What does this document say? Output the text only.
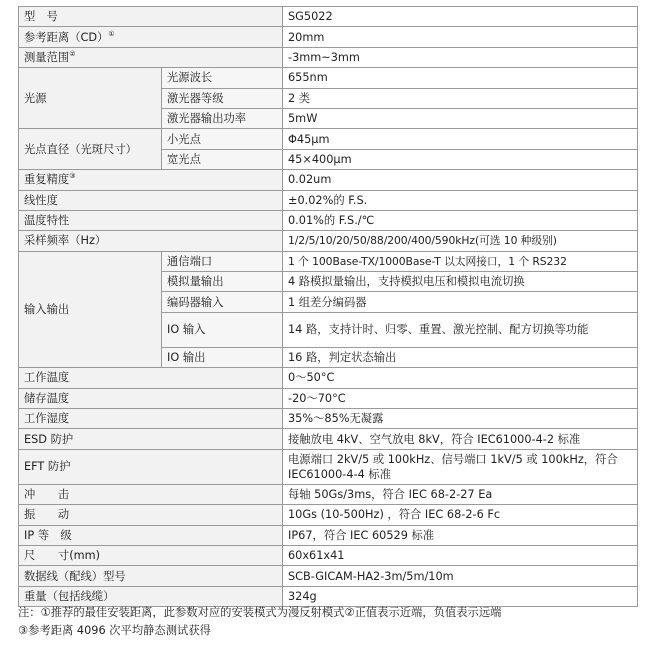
型　号		SG5022
参考距离（CD）①		20mm
测量范围②		-3mm~3mm
光源	光源波长	655nm
	激光器等级	2 类
	激光器输出功率	5mW
光点直径（光斑尺寸）	小光点	Φ45μm
	宽光点	45×400μm
重复精度③		0.02um
线性度		±0.02%的 F.S.
温度特性		0.01%的 F.S./℃
采样频率（Hz）		1/2/5/10/20/50/88/200/400/590kHz(可选 10 种级别)
输入输出	通信端口	1 个 100Base-TX/1000Base-T 以太网接口，1 个 RS232
	模拟量输出	4 路模拟量输出，支持模拟电压和模拟电流切换
	编码器输入	1 组差分编码器
	IO 输入	14 路，支持计时、归零、重置、激光控制、配方切换等功能
	IO 输出	16 路，判定状态输出
工作温度		0～50°C
储存温度		-20～70°C
工作湿度		35%～85%无凝露
ESD 防护		接触放电 4kV、空气放电 8kV，符合 IEC61000-4-2 标准
EFT 防护		电源端口 2kV/5 或 100kHz、信号端口 1kV/5 或 100kHz，符合 IEC61000-4-4 标准
冲　　击		每轴 50Gs/3ms，符合 IEC 68-2-27 Ea
振　　动		10Gs (10-500Hz) ，符合 IEC 68-2-6 Fc
IP 等　级		IP67，符合 IEC 60529 标准
尺　　寸(mm)		60x61x41
数据线（配线）型号		SCB-GICAM-HA2-3m/5m/10m
重量（包括线缆）		324g
注：①推荐的最佳安装距离，此参数对应的安装模式为漫反射模式②正值表示近端，负值表示远端
③参考距离 4096 次平均静态测试获得
